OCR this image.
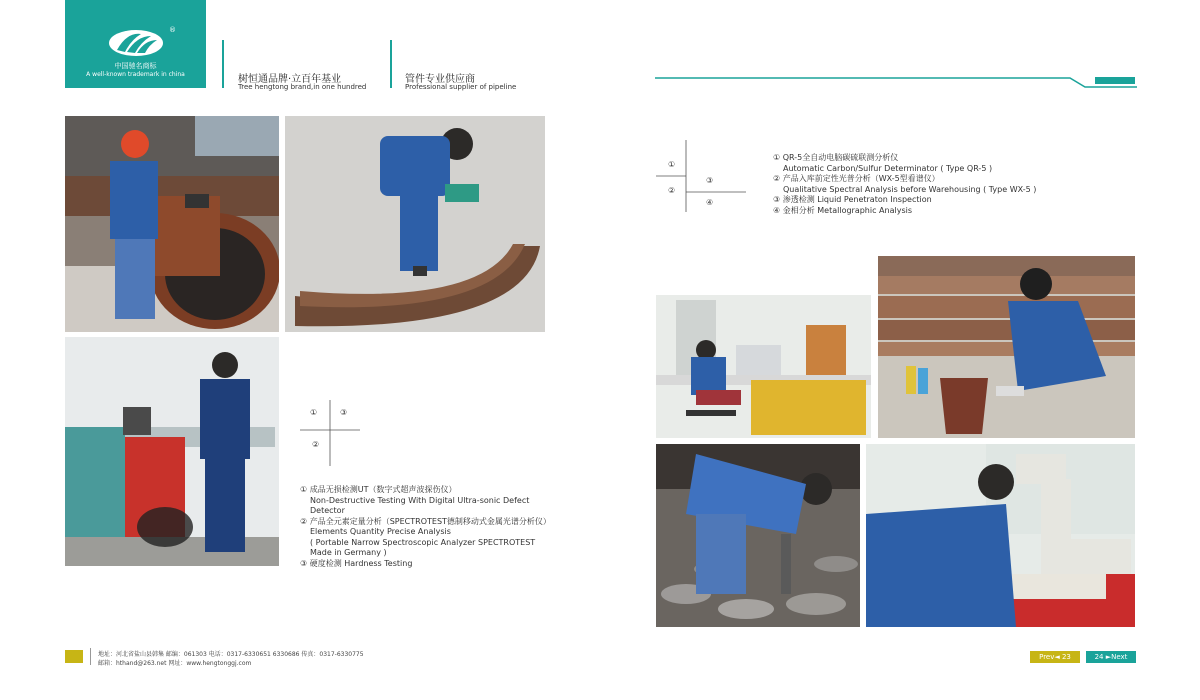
®
中国驰名商标
A well-known trademark in china	树恒通品牌·立百年基业
Tree hengtong brand,in one hundred
管件专业供应商
Professional supplier of pipeline
①	③
②
① 成品无损检测UT（数字式超声波探伤仪）
Non-Destructive Testing With Digital Ultra-sonic Defect
Detector
② 产品全元素定量分析（SPECTROTEST德制移动式金属光谱分析仪）
Elements Quantity Precise Analysis
( Portable Narrow Spectroscopic Analyzer SPECTROTEST
Made in Germany )
③ 硬度检测 Hardness Testing
①
②
③
④
① QR-5全自动电脑碳硫联测分析仪
Automatic Carbon/Sulfur Determinator ( Type QR-5 )
② 产品入库前定性光普分析（WX-5型看谱仪）
Qualitative Spectral Analysis before Warehousing ( Type WX-5 )
③ 渗透检测 Liquid Penetraton Inspection
④ 金相分析 Metallographic Analysis
地址：河北省盐山县韩集 邮编：061303 电话：0317-6330651 6330686 传真：0317-6330775
邮箱：hthand@263.net 网址：www.hengtonggj.com
Prev◄ 23	24 ►Next
